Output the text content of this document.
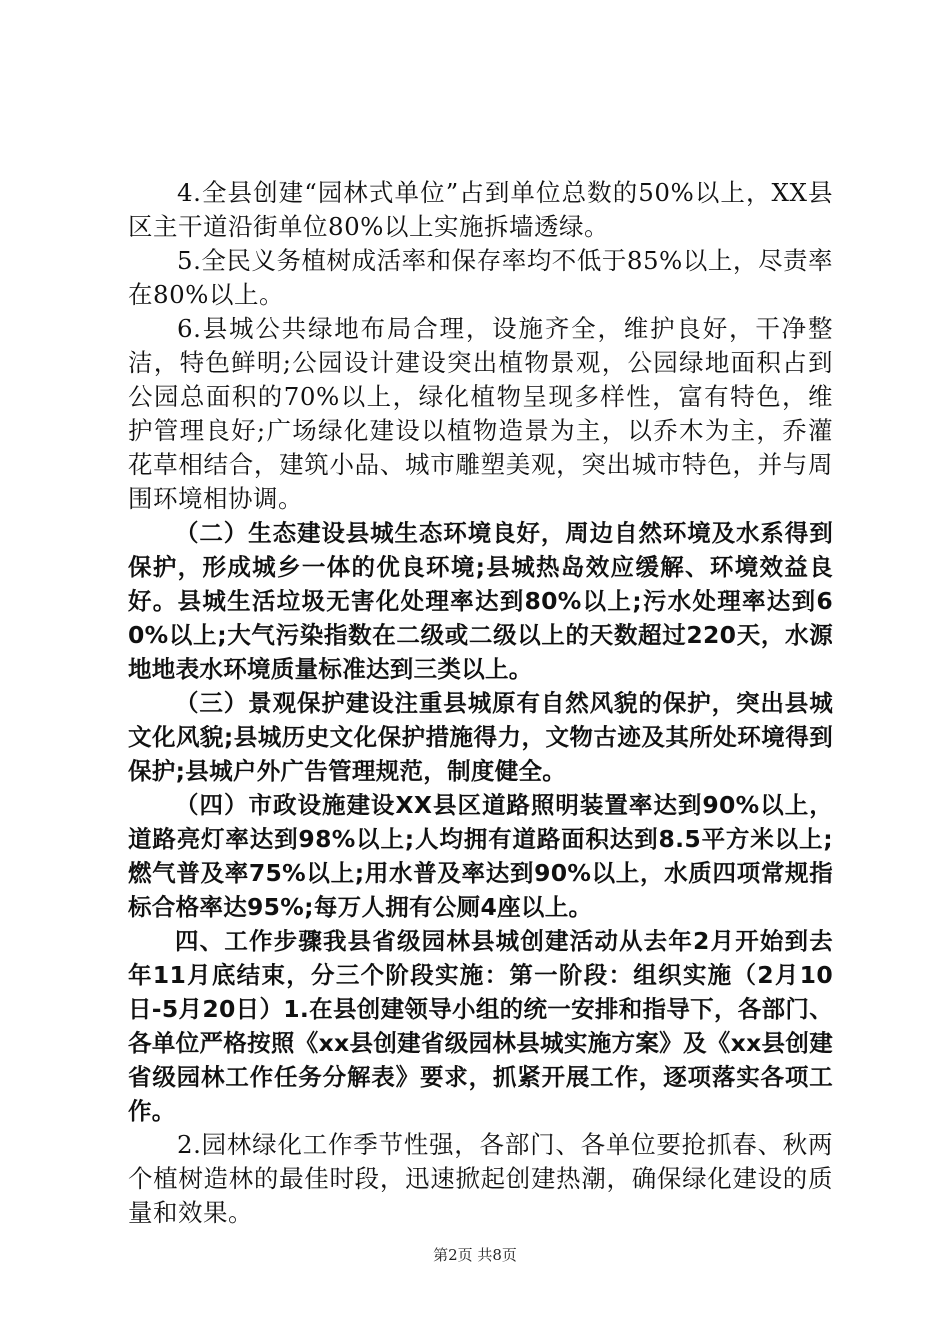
4.全县创建“园林式单位”占到单位总数的50%以上，XX县区主干道沿街单位80%以上实施拆墙透绿。

5.全民义务植树成活率和保存率均不低于85%以上，尽责率在80%以上。

6.县城公共绿地布局合理，设施齐全，维护良好，干净整洁，特色鲜明;公园设计建设突出植物景观，公园绿地面积占到公园总面积的70%以上，绿化植物呈现多样性，富有特色，维护管理良好;广场绿化建设以植物造景为主，以乔木为主，乔灌花草相结合，建筑小品、城市雕塑美观，突出城市特色，并与周围环境相协调。

（二）生态建设县城生态环境良好，周边自然环境及水系得到保护，形成城乡一体的优良环境;县城热岛效应缓解、环境效益良好。县城生活垃圾无害化处理率达到80%以上;污水处理率达到60%以上;大气污染指数在二级或二级以上的天数超过220天，水源地地表水环境质量标准达到三类以上。

（三）景观保护建设注重县城原有自然风貌的保护，突出县城文化风貌;县城历史文化保护措施得力，文物古迹及其所处环境得到保护;县城户外广告管理规范，制度健全。

（四）市政设施建设XX县区道路照明装置率达到90%以上，道路亮灯率达到98%以上;人均拥有道路面积达到8.5平方米以上;燃气普及率75%以上;用水普及率达到90%以上，水质四项常规指标合格率达95%;每万人拥有公厕4座以上。

四、工作步骤我县省级园林县城创建活动从去年2月开始到去年11月底结束，分三个阶段实施：第一阶段：组织实施（2月10日-5月20日）1.在县创建领导小组的统一安排和指导下，各部门、各单位严格按照《xx县创建省级园林县城实施方案》及《xx县创建省级园林工作任务分解表》要求，抓紧开展工作，逐项落实各项工作。

2.园林绿化工作季节性强，各部门、各单位要抢抓春、秋两个植树造林的最佳时段，迅速掀起创建热潮，确保绿化建设的质量和效果。

第2页 共8页
